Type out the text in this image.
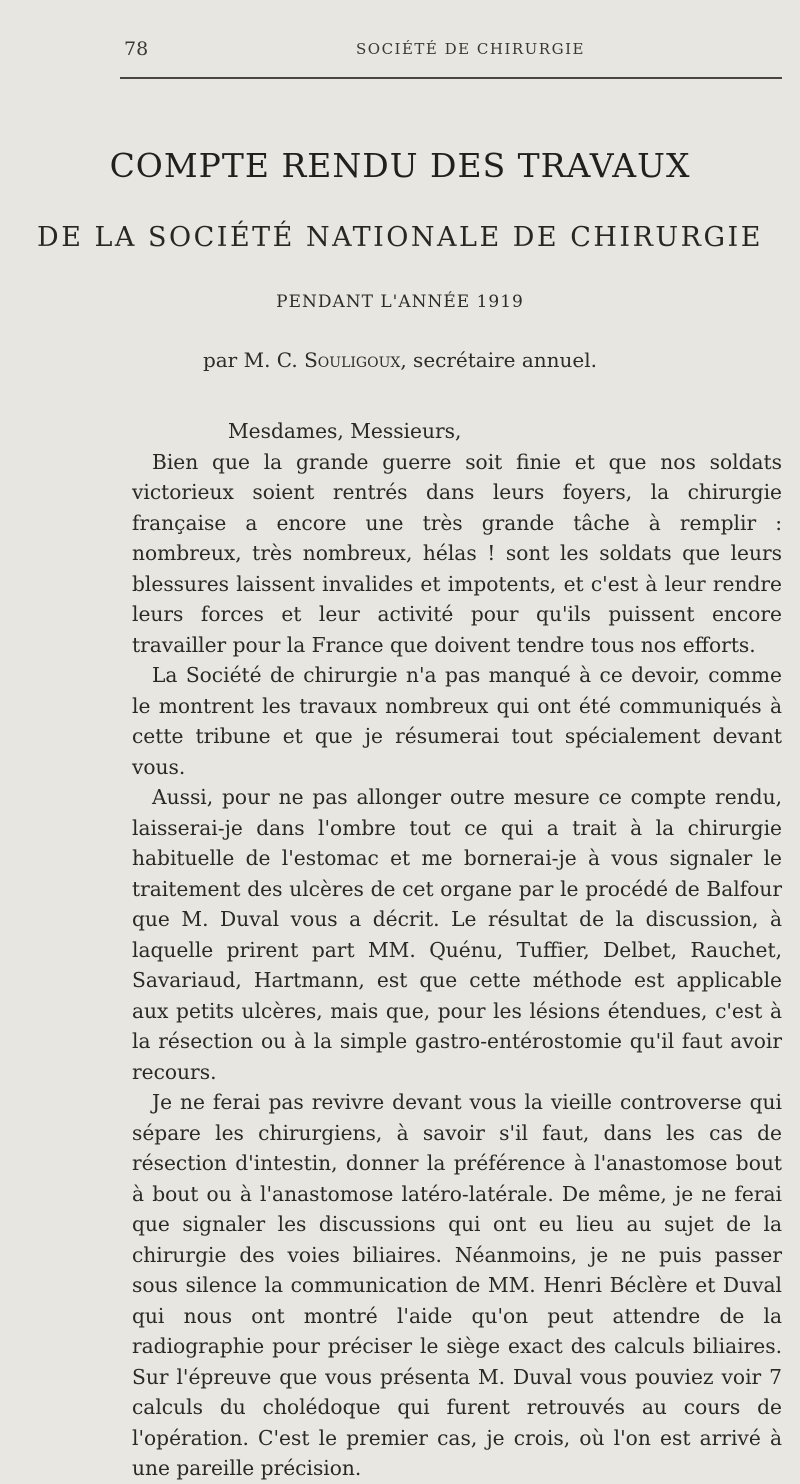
78	SOCIÉTÉ DE CHIRURGIE
COMPTE RENDU DES TRAVAUX
DE LA SOCIÉTÉ NATIONALE DE CHIRURGIE
PENDANT L'ANNÉE 1919
par M. C. Souligoux, secrétaire annuel.

Mesdames, Messieurs,

Bien que la grande guerre soit finie et que nos soldats victorieux soient rentrés dans leurs foyers, la chirurgie française a encore une très grande tâche à remplir : nombreux, très nombreux, hélas ! sont les soldats que leurs blessures laissent invalides et impotents, et c'est à leur rendre leurs forces et leur activité pour qu'ils puissent encore travailler pour la France que doivent tendre tous nos efforts.

La Société de chirurgie n'a pas manqué à ce devoir, comme le montrent les travaux nombreux qui ont été communiqués à cette tribune et que je résumerai tout spécialement devant vous.

Aussi, pour ne pas allonger outre mesure ce compte rendu, laisserai-je dans l'ombre tout ce qui a trait à la chirurgie habituelle de l'estomac et me bornerai-je à vous signaler le traitement des ulcères de cet organe par le procédé de Balfour que M. Duval vous a décrit. Le résultat de la discussion, à laquelle prirent part MM. Quénu, Tuffier, Delbet, Rauchet, Savariaud, Hartmann, est que cette méthode est applicable aux petits ulcères, mais que, pour les lésions étendues, c'est à la résection ou à la simple gastro-entérostomie qu'il faut avoir recours.

Je ne ferai pas revivre devant vous la vieille controverse qui sépare les chirurgiens, à savoir s'il faut, dans les cas de résection d'intestin, donner la préférence à l'anastomose bout à bout ou à l'anastomose latéro-latérale. De même, je ne ferai que signaler les discussions qui ont eu lieu au sujet de la chirurgie des voies biliaires. Néanmoins, je ne puis passer sous silence la communication de MM. Henri Béclère et Duval qui nous ont montré l'aide qu'on peut attendre de la radiographie pour préciser le siège exact des calculs biliaires. Sur l'épreuve que vous présenta M. Duval vous pouviez voir 7 calculs du cholédoque qui furent retrouvés au cours de l'opération. C'est le premier cas, je crois, où l'on est arrivé à une pareille précision.
